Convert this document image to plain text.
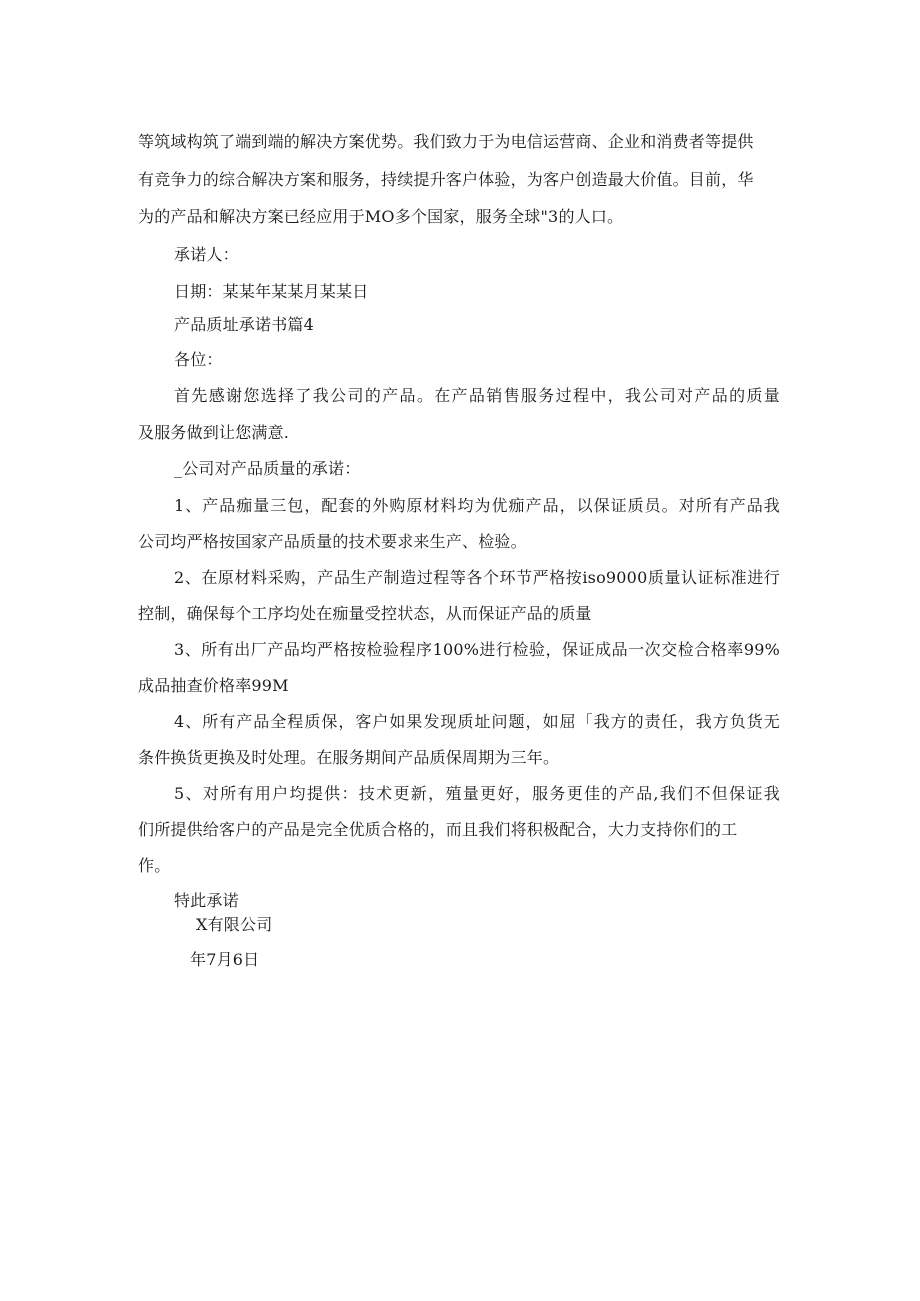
等筑域构筑了端到端的解决方案优势。我们致力于为电信运营商、企业和消费者等提供
有竞争力的综合解决方案和服务，持续提升客户体验，为客户创造最大价值。目前，华
为的产品和解决方案已经应用于MO多个国家，服务全球"3的人口。
承诺人：
日期：某某年某某月某某日
产品质址承诺书篇4
各位：
首先感谢您选择了我公司的产品。在产品销售服务过程中，我公司对产品的质量
及服务做到让您满意.
_公司对产品质量的承诺：
1、产品痂量三包，配套的外购原材料均为优痂产品，以保证质员。对所有产品我
公司均严格按国家产品质量的技术要求来生产、检验。
2、在原材料采购，产品生产制造过程等各个环节严格按iso9000质量认证标准进行
控制，确保每个工序均处在痂量受控状态，从而保证产品的质量
3、所有出厂产品均严格按检验程序100%进行检验，保证成品一次交检合格率99%
成品抽查价格率99M
4、所有产品全程质保，客户如果发现质址问题，如屈「我方的责任，我方负货无
条件换货更换及时处理。在服务期间产品质保周期为三年。
5、对所有用户均提供：技术更新，殖量更好，服务更佳的产品,我们不但保证我
们所提供给客户的产品是完全优质合格的，而且我们将积极配合，大力支持你们的工
作。
特此承诺
X有限公司
年7月6日
